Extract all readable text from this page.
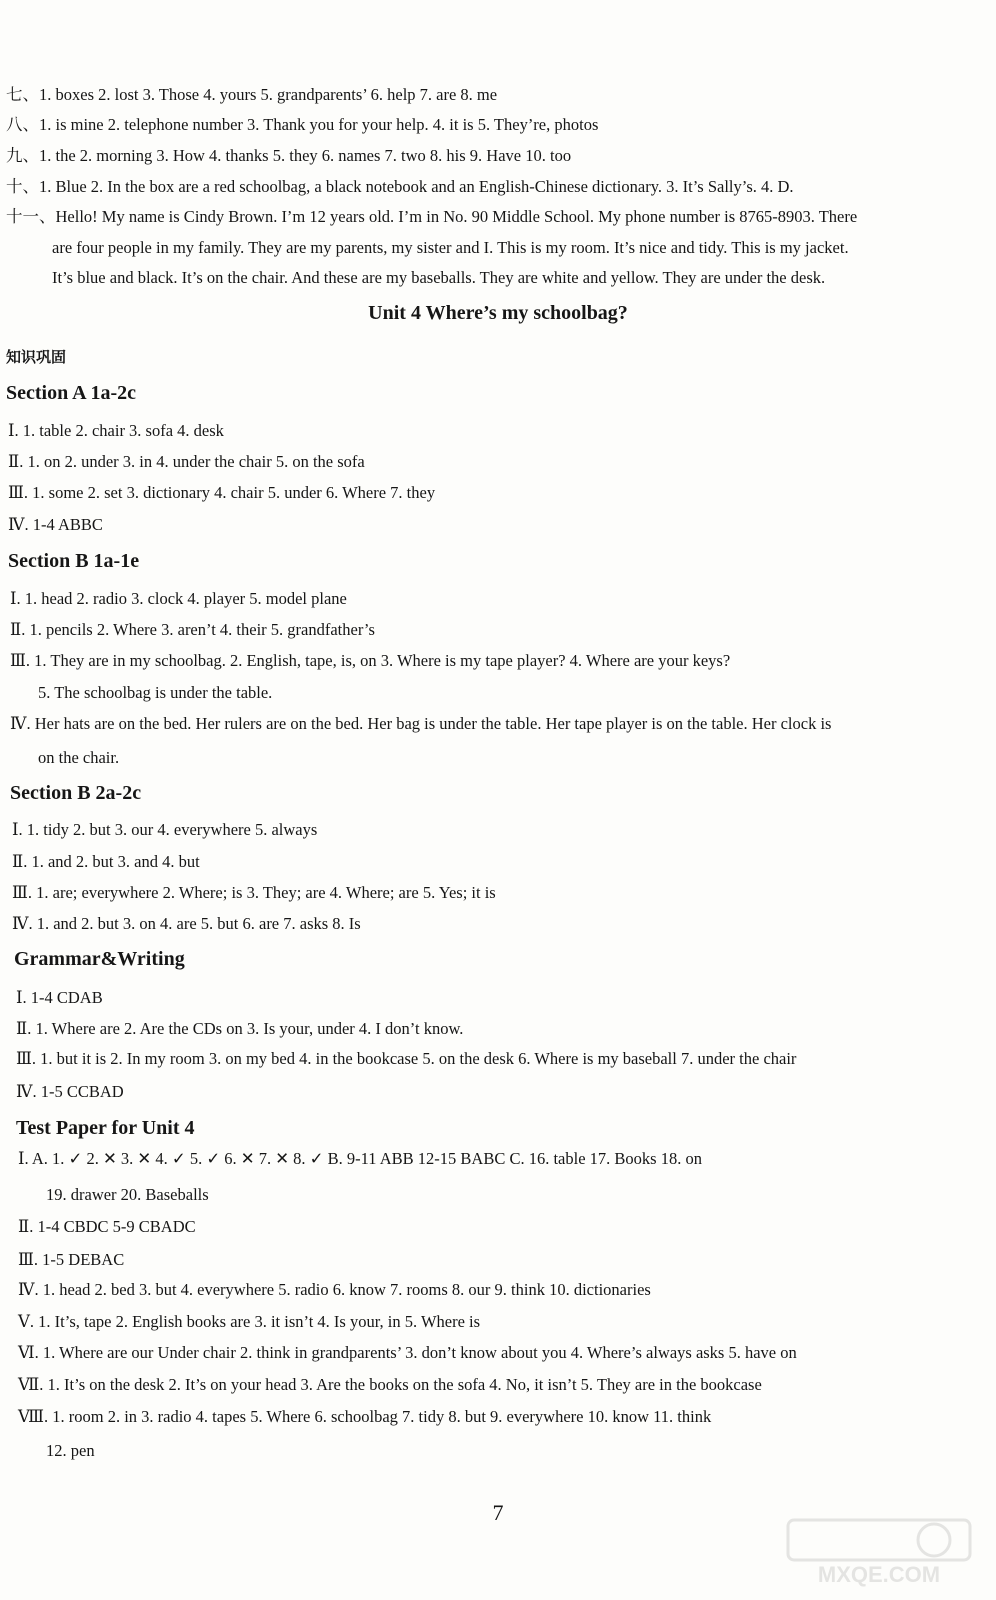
七、1. boxes 2. lost 3. Those 4. yours 5. grandparents’ 6. help 7. are 8. me
八、1. is mine 2. telephone number 3. Thank you for your help. 4. it is 5. They’re, photos
九、1. the 2. morning 3. How 4. thanks 5. they 6. names 7. two 8. his 9. Have 10. too
十、1. Blue 2. In the box are a red schoolbag, a black notebook and an English-Chinese dictionary. 3. It’s Sally’s. 4. D.
十一、Hello! My name is Cindy Brown. I’m 12 years old. I’m in No. 90 Middle School. My phone number is 8765-8903. There
are four people in my family. They are my parents, my sister and I. This is my room. It’s nice and tidy. This is my jacket.
It’s blue and black. It’s on the chair. And these are my baseballs. They are white and yellow. They are under the desk.
Unit 4 Where’s my schoolbag?
知识巩固
Section A 1a-2c
Ⅰ. 1. table 2. chair 3. sofa 4. desk
Ⅱ. 1. on 2. under 3. in 4. under the chair 5. on the sofa
Ⅲ. 1. some 2. set 3. dictionary 4. chair 5. under 6. Where 7. they
Ⅳ. 1-4 ABBC
Section B 1a-1e
Ⅰ. 1. head 2. radio 3. clock 4. player 5. model plane
Ⅱ. 1. pencils 2. Where 3. aren’t 4. their 5. grandfather’s
Ⅲ. 1. They are in my schoolbag. 2. English, tape, is, on 3. Where is my tape player? 4. Where are your keys?
5. The schoolbag is under the table.
Ⅳ. Her hats are on the bed. Her rulers are on the bed. Her bag is under the table. Her tape player is on the table. Her clock is
on the chair.
Section B 2a-2c
Ⅰ. 1. tidy 2. but 3. our 4. everywhere 5. always
Ⅱ. 1. and 2. but 3. and 4. but
Ⅲ. 1. are; everywhere 2. Where; is 3. They; are 4. Where; are 5. Yes; it is
Ⅳ. 1. and 2. but 3. on 4. are 5. but 6. are 7. asks 8. Is
Grammar&Writing
Ⅰ. 1-4 CDAB
Ⅱ. 1. Where are 2. Are the CDs on 3. Is your, under 4. I don’t know.
Ⅲ. 1. but it is 2. In my room 3. on my bed 4. in the bookcase 5. on the desk 6. Where is my baseball 7. under the chair
Ⅳ. 1-5 CCBAD
Test Paper for Unit 4
Ⅰ. A. 1. ✓ 2. ✕ 3. ✕ 4. ✓ 5. ✓ 6. ✕ 7. ✕ 8. ✓ B. 9-11 ABB 12-15 BABC C. 16. table 17. Books 18. on
19. drawer 20. Baseballs
Ⅱ. 1-4 CBDC 5-9 CBADC
Ⅲ. 1-5 DEBAC
Ⅳ. 1. head 2. bed 3. but 4. everywhere 5. radio 6. know 7. rooms 8. our 9. think 10. dictionaries
Ⅴ. 1. It’s, tape 2. English books are 3. it isn’t 4. Is your, in 5. Where is
Ⅵ. 1. Where are our Under chair 2. think in grandparents’ 3. don’t know about you 4. Where’s always asks 5. have on
Ⅶ. 1. It’s on the desk 2. It’s on your head 3. Are the books on the sofa 4. No, it isn’t 5. They are in the bookcase
Ⅷ. 1. room 2. in 3. radio 4. tapes 5. Where 6. schoolbag 7. tidy 8. but 9. everywhere 10. know 11. think
12. pen
7
MXQE.COM
